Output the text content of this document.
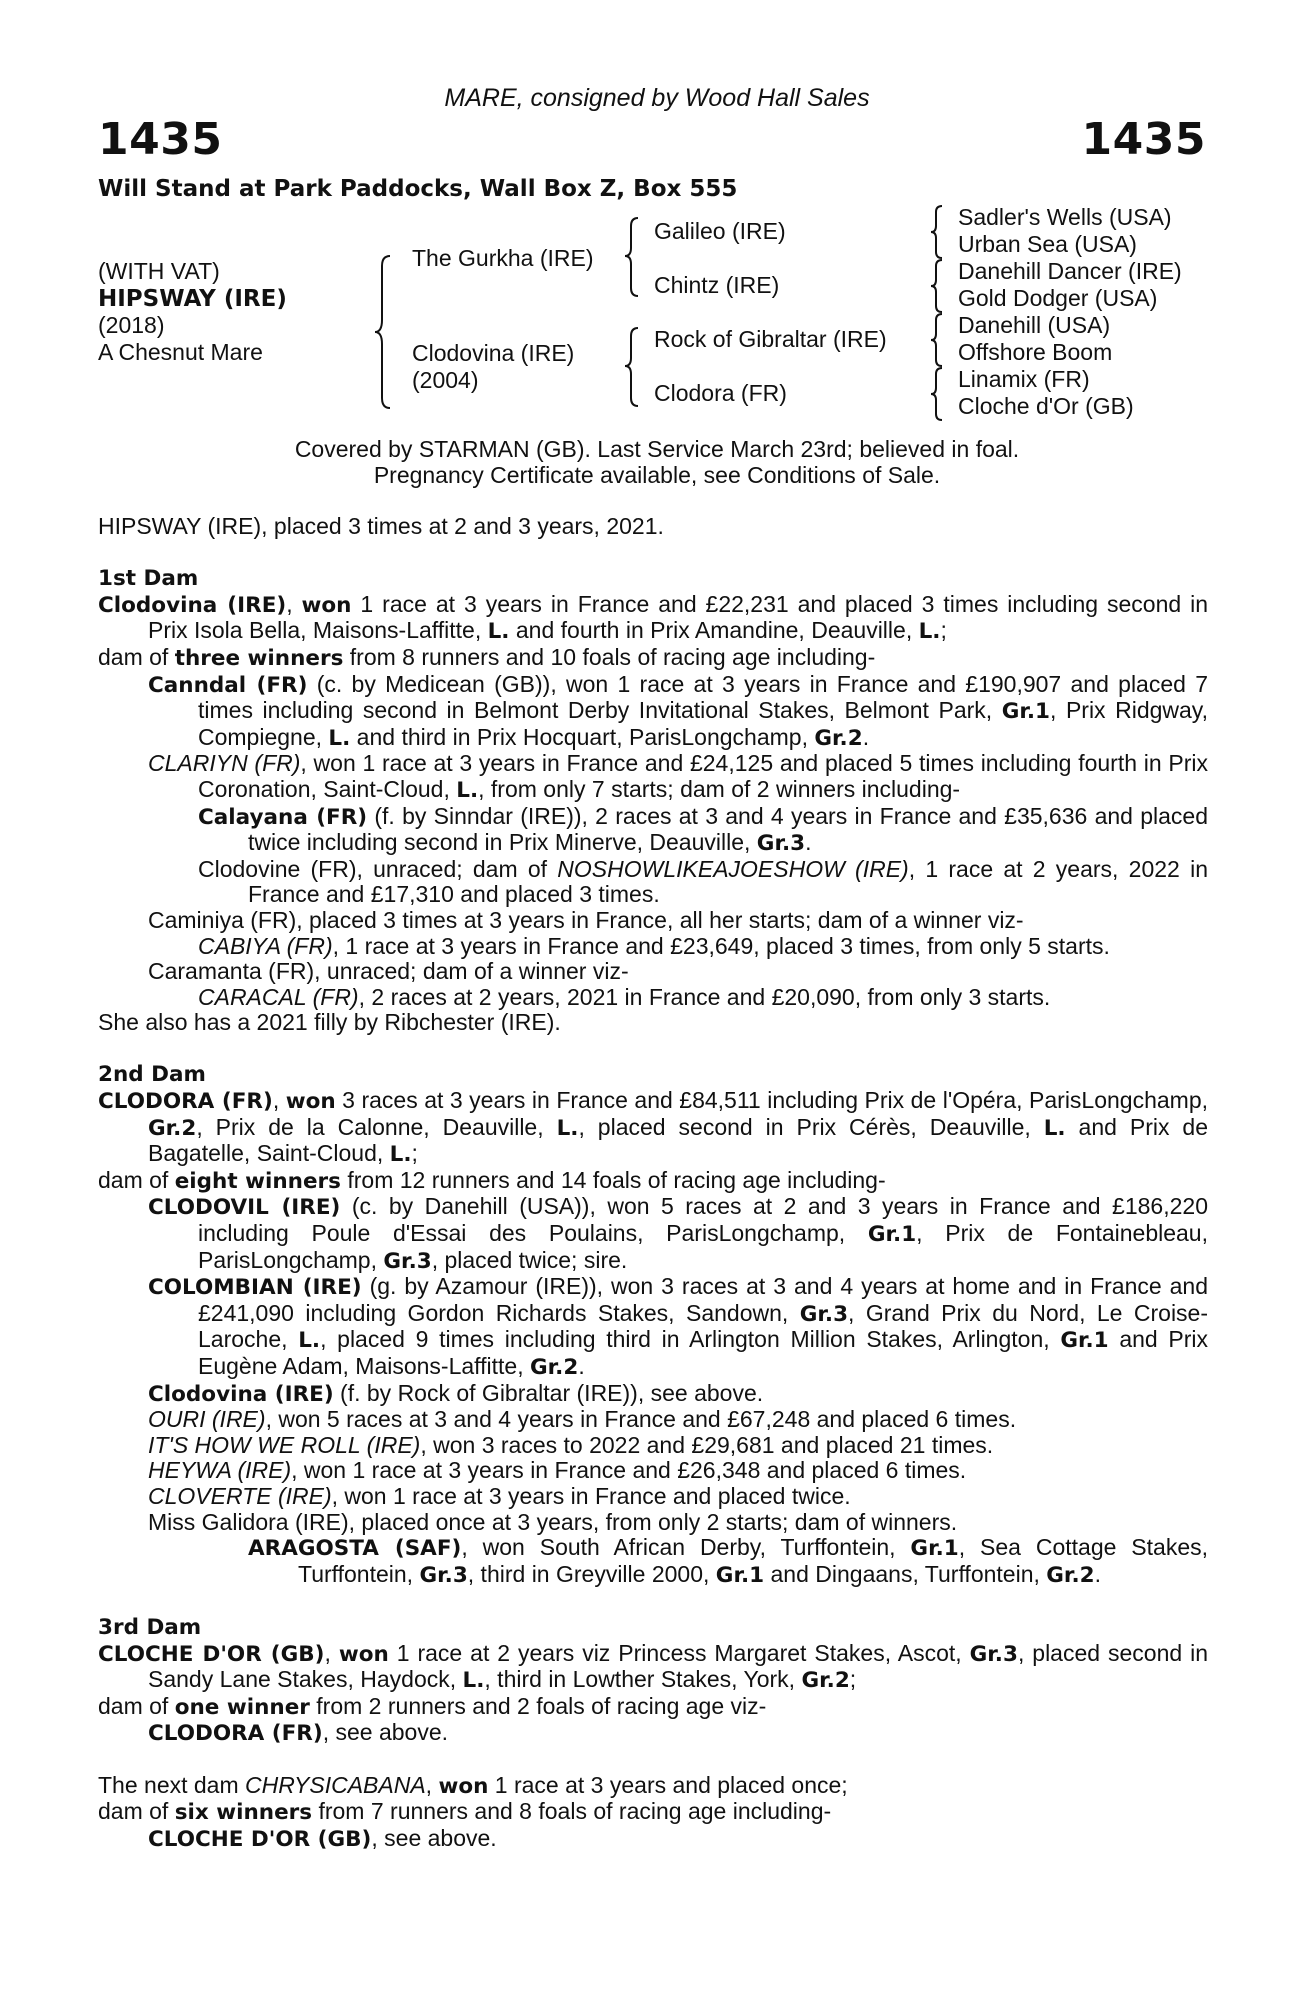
MARE, consigned by Wood Hall Sales
1435	1435
Will Stand at Park Paddocks, Wall Box Z, Box 555
(WITH VAT)
HIPSWAY (IRE)
(2018)
A Chesnut Mare
The Gurkha (IRE)
Clodovina (IRE)
(2004)
Galileo (IRE)
Chintz (IRE)
Rock of Gibraltar (IRE)
Clodora (FR)
Sadler's Wells (USA)
Urban Sea (USA)
Danehill Dancer (IRE)
Gold Dodger (USA)
Danehill (USA)
Offshore Boom
Linamix (FR)
Cloche d'Or (GB)
Covered by STARMAN (GB). Last Service March 23rd; believed in foal.
Pregnancy Certificate available, see Conditions of Sale.

HIPSWAY (IRE), placed 3 times at 2 and 3 years, 2021.

1st Dam

Clodovina (IRE), won 1 race at 3 years in France and £22,231 and placed 3 times including second in Prix Isola Bella, Maisons-Laffitte, L. and fourth in Prix Amandine, Deauville, L.;

dam of three winners from 8 runners and 10 foals of racing age including-

Canndal (FR) (c. by Medicean (GB)), won 1 race at 3 years in France and £190,907 and placed 7 times including second in Belmont Derby Invitational Stakes, Belmont Park, Gr.1, Prix Ridgway, Compiegne, L. and third in Prix Hocquart, ParisLongchamp, Gr.2.

CLARIYN (FR), won 1 race at 3 years in France and £24,125 and placed 5 times including fourth in Prix Coronation, Saint-Cloud, L., from only 7 starts; dam of 2 winners including-

Calayana (FR) (f. by Sinndar (IRE)), 2 races at 3 and 4 years in France and £35,636 and placed twice including second in Prix Minerve, Deauville, Gr.3.

Clodovine (FR), unraced; dam of NOSHOWLIKEAJOESHOW (IRE), 1 race at 2 years, 2022 in France and £17,310 and placed 3 times.

Caminiya (FR), placed 3 times at 3 years in France, all her starts; dam of a winner viz-

CABIYA (FR), 1 race at 3 years in France and £23,649, placed 3 times, from only 5 starts.

Caramanta (FR), unraced; dam of a winner viz-

CARACAL (FR), 2 races at 2 years, 2021 in France and £20,090, from only 3 starts.

She also has a 2021 filly by Ribchester (IRE).

2nd Dam

CLODORA (FR), won 3 races at 3 years in France and £84,511 including Prix de l'Opéra, ParisLongchamp, Gr.2, Prix de la Calonne, Deauville, L., placed second in Prix Cérès, Deauville, L. and Prix de Bagatelle, Saint-Cloud, L.;

dam of eight winners from 12 runners and 14 foals of racing age including-

CLODOVIL (IRE) (c. by Danehill (USA)), won 5 races at 2 and 3 years in France and £186,220 including Poule d'Essai des Poulains, ParisLongchamp, Gr.1, Prix de Fontainebleau, ParisLongchamp, Gr.3, placed twice; sire.

COLOMBIAN (IRE) (g. by Azamour (IRE)), won 3 races at 3 and 4 years at home and in France and £241,090 including Gordon Richards Stakes, Sandown, Gr.3, Grand Prix du Nord, Le Croise-Laroche, L., placed 9 times including third in Arlington Million Stakes, Arlington, Gr.1 and Prix Eugène Adam, Maisons-Laffitte, Gr.2.

Clodovina (IRE) (f. by Rock of Gibraltar (IRE)), see above.

OURI (IRE), won 5 races at 3 and 4 years in France and £67,248 and placed 6 times.

IT'S HOW WE ROLL (IRE), won 3 races to 2022 and £29,681 and placed 21 times.

HEYWA (IRE), won 1 race at 3 years in France and £26,348 and placed 6 times.

CLOVERTE (IRE), won 1 race at 3 years in France and placed twice.

Miss Galidora (IRE), placed once at 3 years, from only 2 starts; dam of winners.

ARAGOSTA (SAF), won South African Derby, Turffontein, Gr.1, Sea Cottage Stakes, Turffontein, Gr.3, third in Greyville 2000, Gr.1 and Dingaans, Turffontein, Gr.2.

3rd Dam

CLOCHE D'OR (GB), won 1 race at 2 years viz Princess Margaret Stakes, Ascot, Gr.3, placed second in Sandy Lane Stakes, Haydock, L., third in Lowther Stakes, York, Gr.2;

dam of one winner from 2 runners and 2 foals of racing age viz-

CLODORA (FR), see above.

The next dam CHRYSICABANA, won 1 race at 3 years and placed once;

dam of six winners from 7 runners and 8 foals of racing age including-

CLOCHE D'OR (GB), see above.
